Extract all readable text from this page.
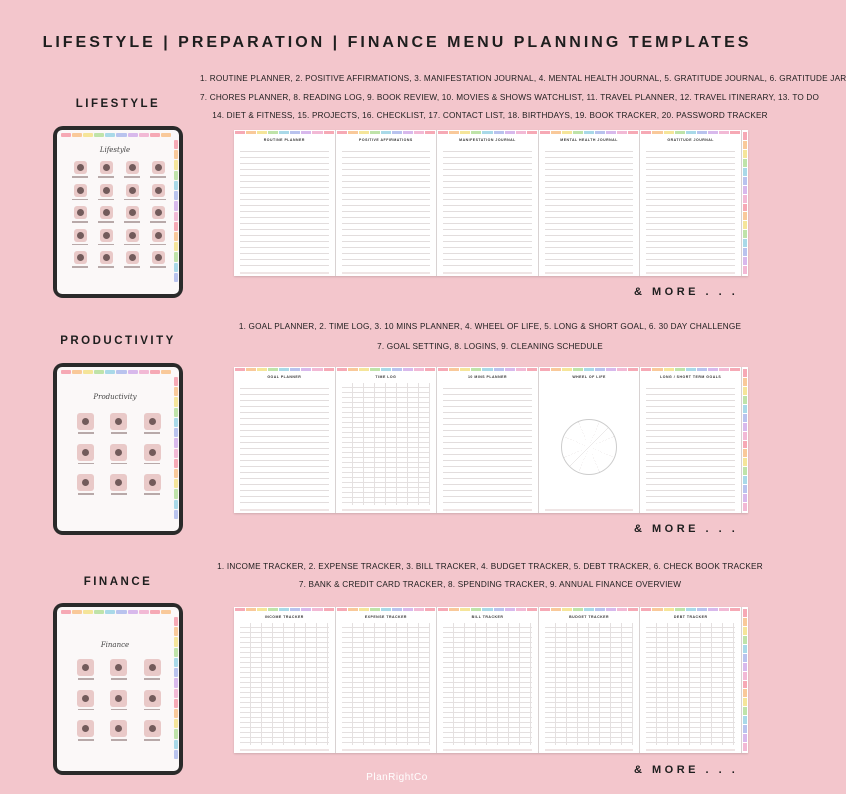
LIFESTYLE | PREPARATION | FINANCE MENU PLANNING TEMPLATES
LIFESTYLE
1. ROUTINE PLANNER, 2. POSITIVE AFFIRMATIONS, 3. MANIFESTATION JOURNAL, 4. MENTAL HEALTH JOURNAL, 5. GRATITUDE JOURNAL, 6. GRATITUDE JAR
7. CHORES PLANNER, 8. READING LOG, 9. BOOK REVIEW, 10. MOVIES & SHOWS WATCHLIST, 11. TRAVEL PLANNER, 12. TRAVEL ITINERARY, 13. TO DO
14. DIET & FITNESS, 15. PROJECTS, 16. CHECKLIST, 17. CONTACT LIST, 18. BIRTHDAYS, 19. BOOK TRACKER, 20. PASSWORD TRACKER
Lifestyle
ROUTINE PLANNER	POSITIVE AFFIRMATIONS	MANIFESTATION JOURNAL	MENTAL HEALTH JOURNAL	GRATITUDE JOURNAL
& MORE . . .
PRODUCTIVITY
1. GOAL PLANNER, 2. TIME LOG, 3. 10 MINS PLANNER, 4. WHEEL OF LIFE, 5. LONG & SHORT GOAL, 6. 30 DAY CHALLENGE
7. GOAL SETTING, 8. LOGINS, 9. CLEANING SCHEDULE
Productivity
GOAL PLANNER	TIME LOG	10 MINS PLANNER	WHEEL OF LIFE	LONG / SHORT TERM GOALS
& MORE . . .
FINANCE
1. INCOME TRACKER, 2. EXPENSE TRACKER, 3. BILL TRACKER, 4. BUDGET TRACKER, 5. DEBT TRACKER, 6. CHECK BOOK TRACKER
7. BANK & CREDIT CARD TRACKER, 8. SPENDING TRACKER, 9. ANNUAL FINANCE OVERVIEW
Finance
INCOME TRACKER	EXPENSE TRACKER	BILL TRACKER	BUDGET TRACKER	DEBT TRACKER
& MORE . . .
PlanRightCo
